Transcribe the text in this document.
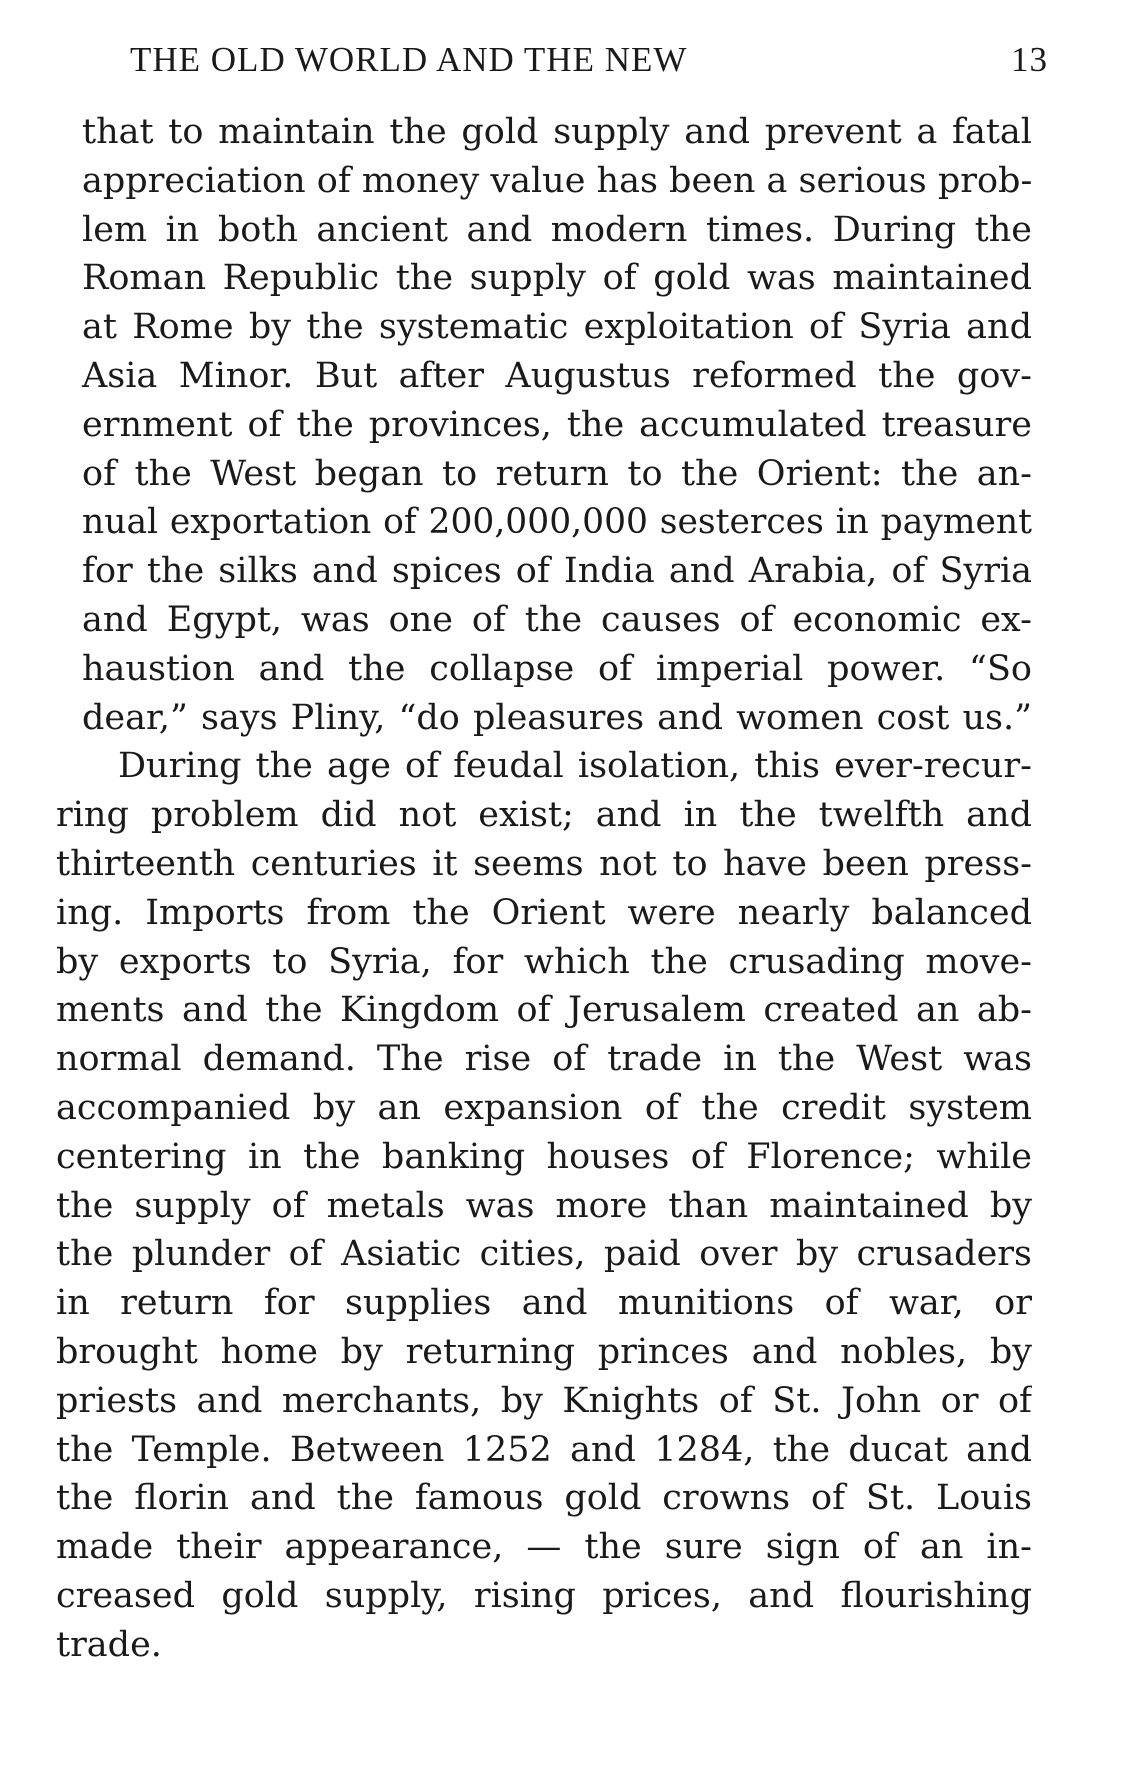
THE OLD WORLD AND THE NEW	13
that to maintain the gold supply and prevent a fatal
appreciation of money value has been a serious prob-
lem in both ancient and modern times. During the
Roman Republic the supply of gold was maintained
at Rome by the systematic exploitation of Syria and
Asia Minor. But after Augustus reformed the gov-
ernment of the provinces, the accumulated treasure
of the West began to return to the Orient: the an-
nual exportation of 200,000,000 sesterces in payment
for the silks and spices of India and Arabia, of Syria
and Egypt, was one of the causes of economic ex-
haustion and the collapse of imperial power. “So
dear,” says Pliny, “do pleasures and women cost us.”
During the age of feudal isolation, this ever-recur-
ring problem did not exist; and in the twelfth and
thirteenth centuries it seems not to have been press-
ing. Imports from the Orient were nearly balanced
by exports to Syria, for which the crusading move-
ments and the Kingdom of Jerusalem created an ab-
normal demand. The rise of trade in the West was
accompanied by an expansion of the credit system
centering in the banking houses of Florence; while
the supply of metals was more than maintained by
the plunder of Asiatic cities, paid over by crusaders
in return for supplies and munitions of war, or
brought home by returning princes and nobles, by
priests and merchants, by Knights of St. John or of
the Temple. Between 1252 and 1284, the ducat and
the florin and the famous gold crowns of St. Louis
made their appearance, — the sure sign of an in-
creased gold supply, rising prices, and flourishing
trade.
